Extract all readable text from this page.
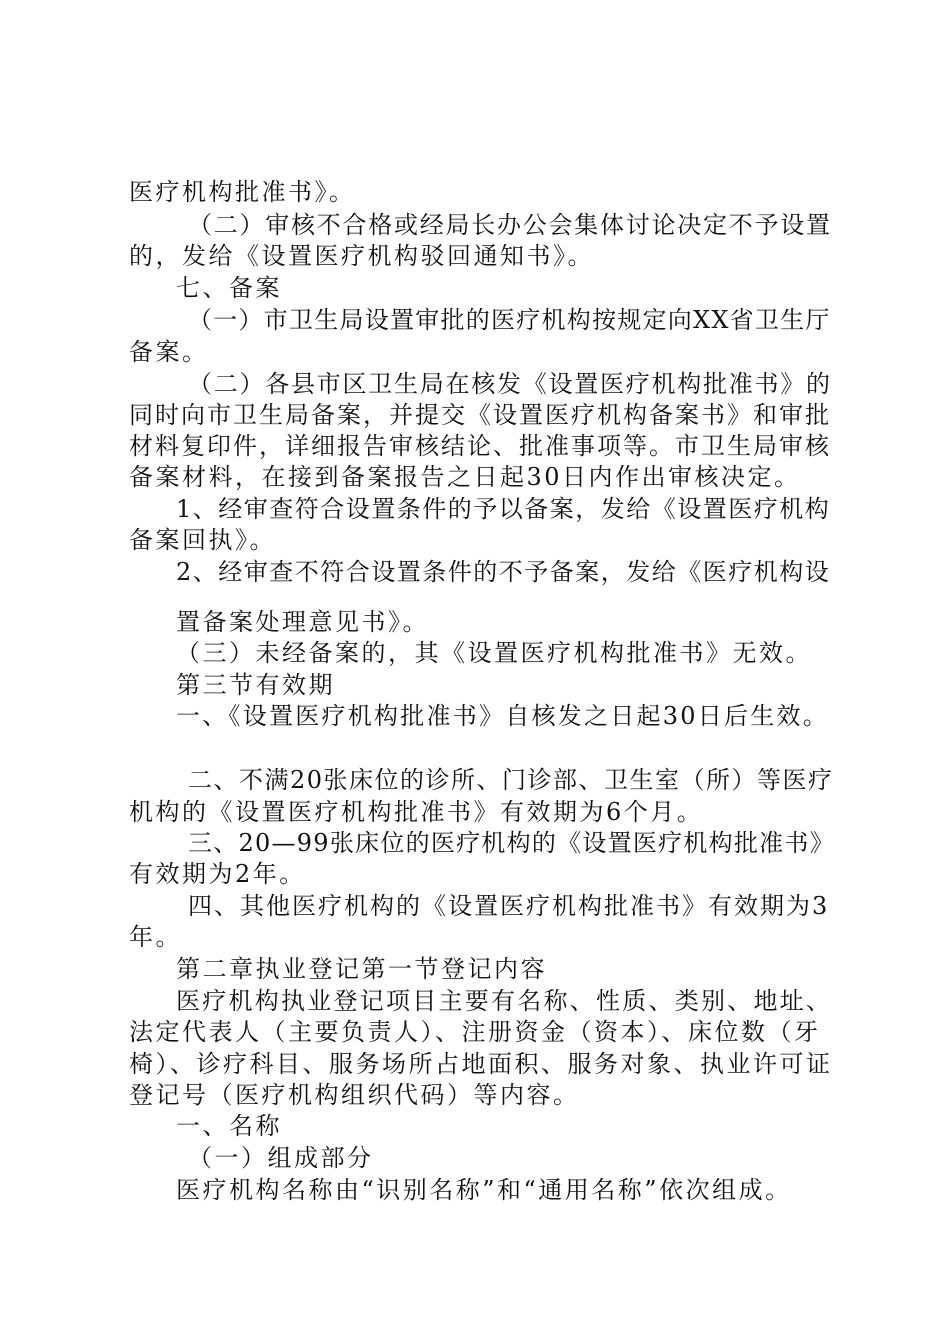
医疗机构批准书》。
（二）审核不合格或经局长办公会集体讨论决定不予设置
的，发给《设置医疗机构驳回通知书》。
七、备案
（一）市卫生局设置审批的医疗机构按规定向XX省卫生厅
备案。
（二）各县市区卫生局在核发《设置医疗机构批准书》的
同时向市卫生局备案，并提交《设置医疗机构备案书》和审批
材料复印件，详细报告审核结论、批准事项等。市卫生局审核
备案材料，在接到备案报告之日起30日内作出审核决定。
1、经审查符合设置条件的予以备案，发给《设置医疗机构
备案回执》。
2、经审查不符合设置条件的不予备案，发给《医疗机构设
置备案处理意见书》。
（三）未经备案的，其《设置医疗机构批准书》无效。
第三节有效期
一、《设置医疗机构批准书》自核发之日起30日后生效。
二、不满20张床位的诊所、门诊部、卫生室（所）等医疗
机构的《设置医疗机构批准书》有效期为6个月。
三、20—99张床位的医疗机构的《设置医疗机构批准书》
有效期为2年。
四、其他医疗机构的《设置医疗机构批准书》有效期为3
年。
第二章执业登记第一节登记内容
医疗机构执业登记项目主要有名称、性质、类别、地址、
法定代表人（主要负责人）、注册资金（资本）、床位数（牙
椅）、诊疗科目、服务场所占地面积、服务对象、执业许可证
登记号（医疗机构组织代码）等内容。
一、名称
（一）组成部分
医疗机构名称由“识别名称”和“通用名称”依次组成。
